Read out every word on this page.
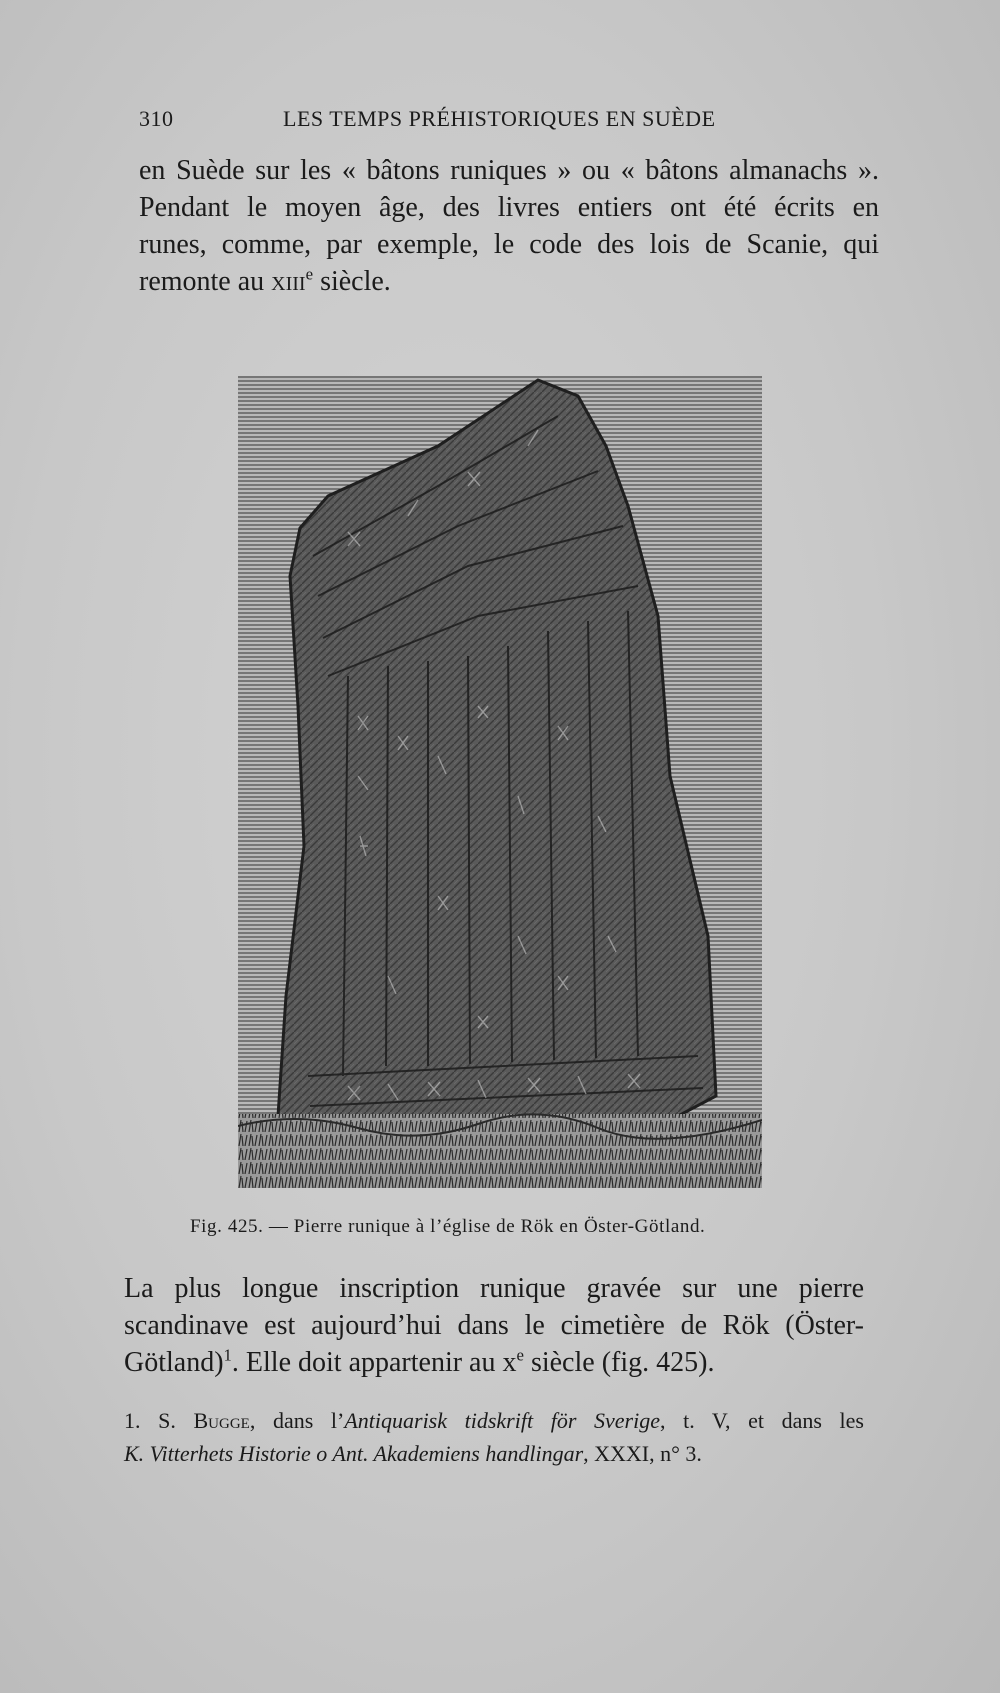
310	LES TEMPS PRÉHISTORIQUES EN SUÈDE
en Suède sur les « bâtons runiques » ou « bâtons almanachs ».
Pendant le moyen âge, des livres entiers ont été écrits en
runes, comme, par exemple, le code des lois de Scanie, qui
remonte au xiii$^e$ siècle.
Fig. 425. — Pierre runique à l’église de Rök en Öster-Götland.
La plus longue inscription runique gravée sur une pierre
scandinave est aujourd’hui dans le cimetière de Rök (Öster-
Götland)$^1$. Elle doit appartenir au $x^e$ siècle (fig. 425).
1. S. Bugge, dans l’Antiquarisk tidskrift för Sverige, t. V, et dans les
K. Vitterhets Historie o Ant. Akademiens handlingar, XXXI, n° 3.
